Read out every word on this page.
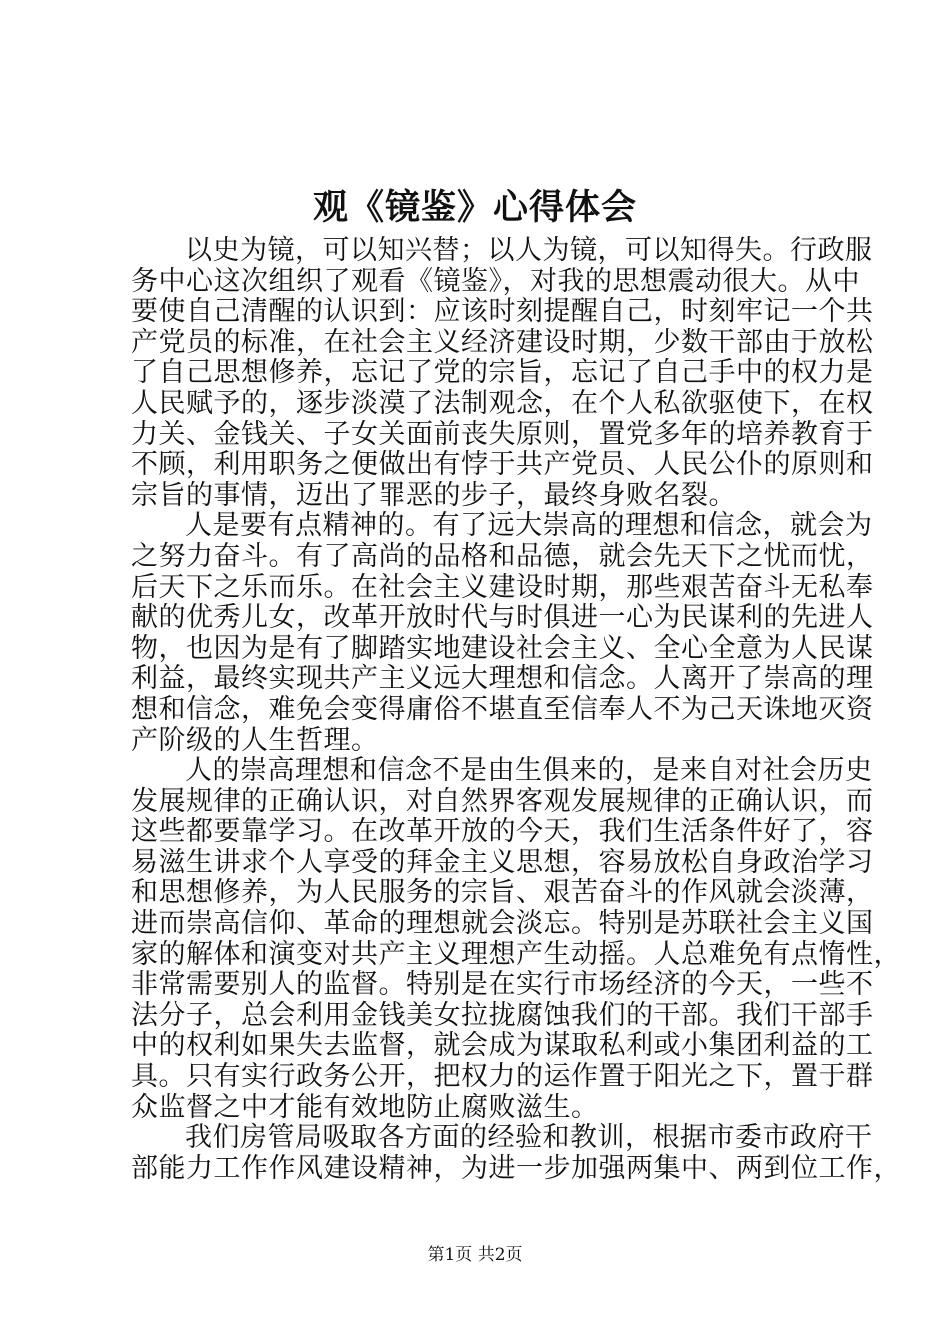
观《镜鉴》心得体会
以史为镜，可以知兴替；以人为镜，可以知得失。行政服
务中心这次组织了观看《镜鉴》，对我的思想震动很大。从中
要使自己清醒的认识到：应该时刻提醒自己，时刻牢记一个共
产党员的标准，在社会主义经济建设时期，少数干部由于放松
了自己思想修养，忘记了党的宗旨，忘记了自己手中的权力是
人民赋予的，逐步淡漠了法制观念，在个人私欲驱使下，在权
力关、金钱关、子女关面前丧失原则，置党多年的培养教育于
不顾，利用职务之便做出有悖于共产党员、人民公仆的原则和
宗旨的事情，迈出了罪恶的步子，最终身败名裂。
人是要有点精神的。有了远大崇高的理想和信念，就会为
之努力奋斗。有了高尚的品格和品德，就会先天下之忧而忧，
后天下之乐而乐。在社会主义建设时期，那些艰苦奋斗无私奉
献的优秀儿女，改革开放时代与时俱进一心为民谋利的先进人
物，也因为是有了脚踏实地建设社会主义、全心全意为人民谋
利益，最终实现共产主义远大理想和信念。人离开了崇高的理
想和信念，难免会变得庸俗不堪直至信奉人不为己天诛地灭资
产阶级的人生哲理。
人的崇高理想和信念不是由生俱来的，是来自对社会历史
发展规律的正确认识，对自然界客观发展规律的正确认识，而
这些都要靠学习。在改革开放的今天，我们生活条件好了，容
易滋生讲求个人享受的拜金主义思想，容易放松自身政治学习
和思想修养，为人民服务的宗旨、艰苦奋斗的作风就会淡薄，
进而崇高信仰、革命的理想就会淡忘。特别是苏联社会主义国
家的解体和演变对共产主义理想产生动摇。人总难免有点惰性，
非常需要别人的监督。特别是在实行市场经济的今天，一些不
法分子，总会利用金钱美女拉拢腐蚀我们的干部。我们干部手
中的权利如果失去监督，就会成为谋取私利或小集团利益的工
具。只有实行政务公开，把权力的运作置于阳光之下，置于群
众监督之中才能有效地防止腐败滋生。
我们房管局吸取各方面的经验和教训，根据市委市政府干
部能力工作作风建设精神，为进一步加强两集中、两到位工作，
第1页 共2页
